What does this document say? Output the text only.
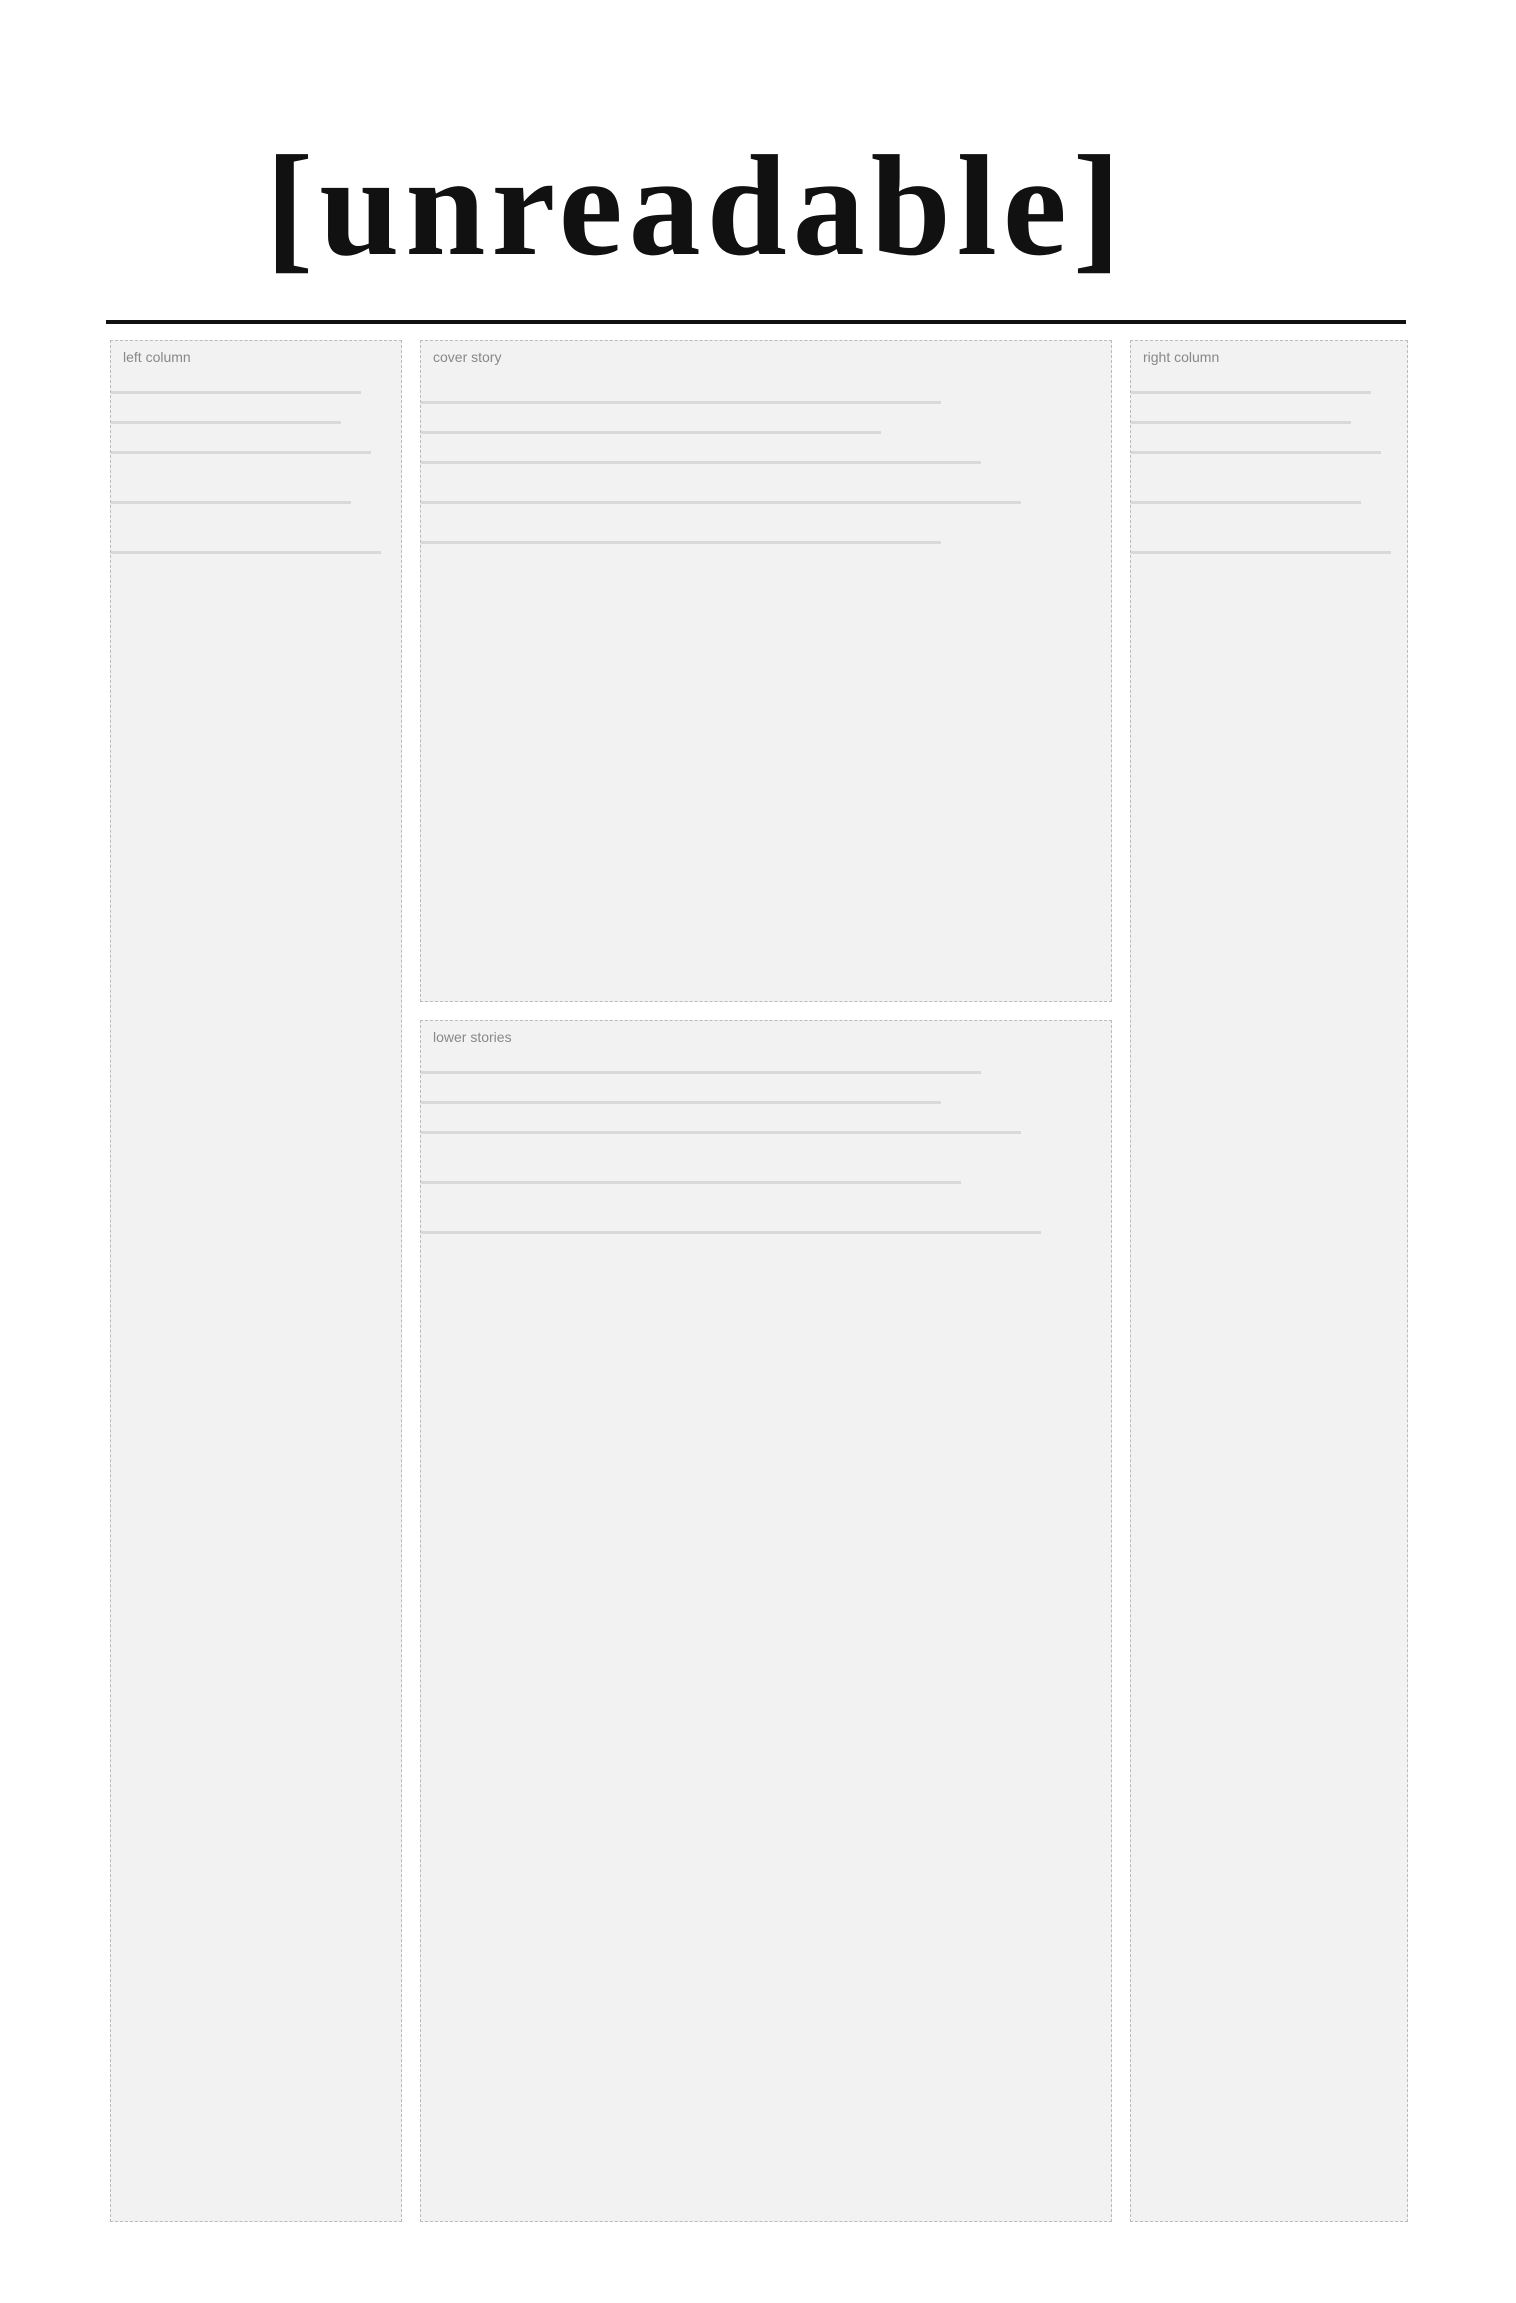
[unreadable]
cover story
left column	right column
lower stories
